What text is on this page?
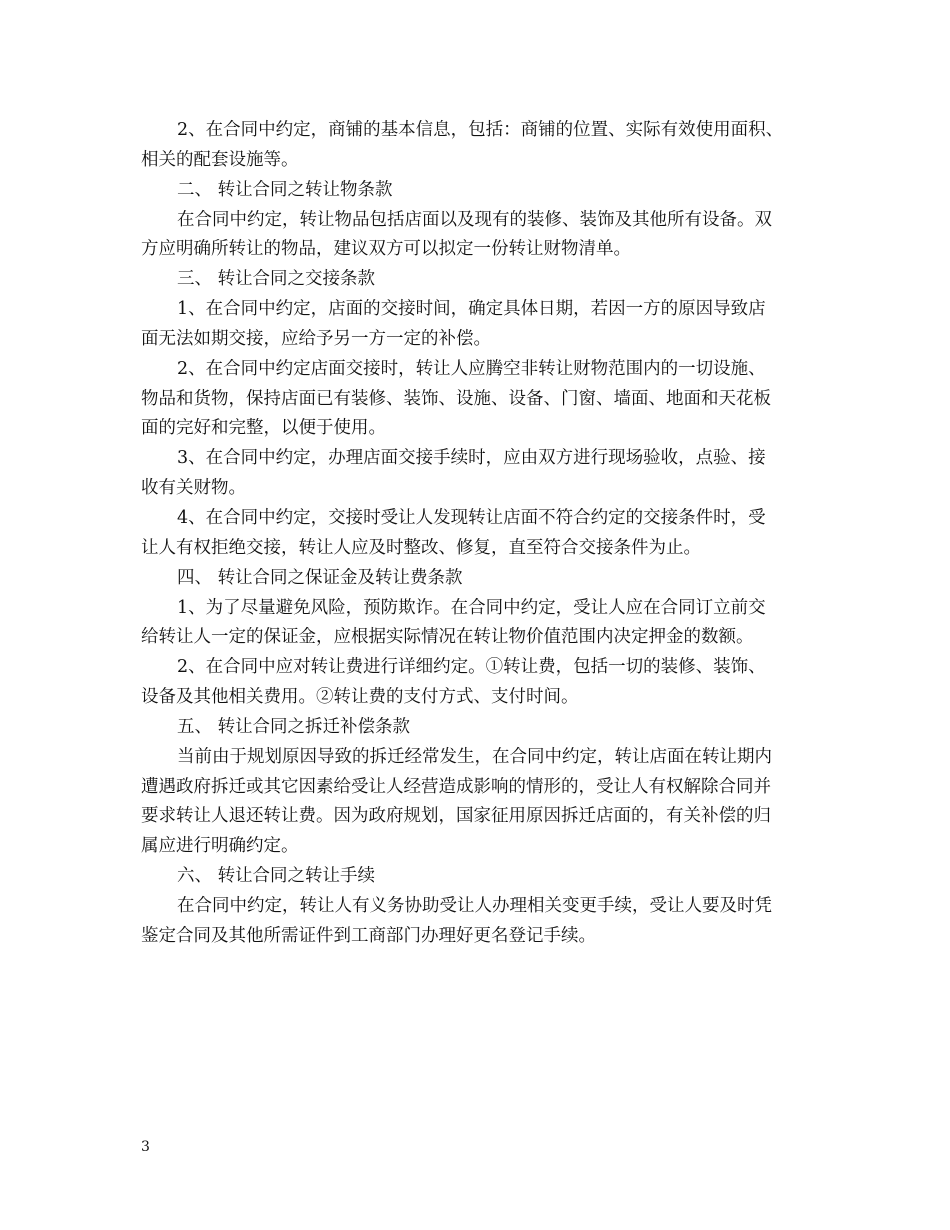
2、在合同中约定，商铺的基本信息，包括：商铺的位置、实际有效使用面积、
相关的配套设施等。
二、 转让合同之转让物条款
在合同中约定，转让物品包括店面以及现有的装修、装饰及其他所有设备。双
方应明确所转让的物品，建议双方可以拟定一份转让财物清单。
三、 转让合同之交接条款
1、在合同中约定，店面的交接时间，确定具体日期，若因一方的原因导致店
面无法如期交接，应给予另一方一定的补偿。
2、在合同中约定店面交接时，转让人应腾空非转让财物范围内的一切设施、
物品和货物，保持店面已有装修、装饰、设施、设备、门窗、墙面、地面和天花板
面的完好和完整，以便于使用。
3、在合同中约定，办理店面交接手续时，应由双方进行现场验收，点验、接
收有关财物。
4、在合同中约定，交接时受让人发现转让店面不符合约定的交接条件时，受
让人有权拒绝交接，转让人应及时整改、修复，直至符合交接条件为止。
四、 转让合同之保证金及转让费条款
1、为了尽量避免风险，预防欺诈。在合同中约定，受让人应在合同订立前交
给转让人一定的保证金，应根据实际情况在转让物价值范围内决定押金的数额。
2、在合同中应对转让费进行详细约定。①转让费，包括一切的装修、装饰、
设备及其他相关费用。②转让费的支付方式、支付时间。
五、 转让合同之拆迁补偿条款
当前由于规划原因导致的拆迁经常发生，在合同中约定，转让店面在转让期内
遭遇政府拆迁或其它因素给受让人经营造成影响的情形的，受让人有权解除合同并
要求转让人退还转让费。因为政府规划，国家征用原因拆迁店面的，有关补偿的归
属应进行明确约定。
六、 转让合同之转让手续
在合同中约定，转让人有义务协助受让人办理相关变更手续，受让人要及时凭
鉴定合同及其他所需证件到工商部门办理好更名登记手续。
3
